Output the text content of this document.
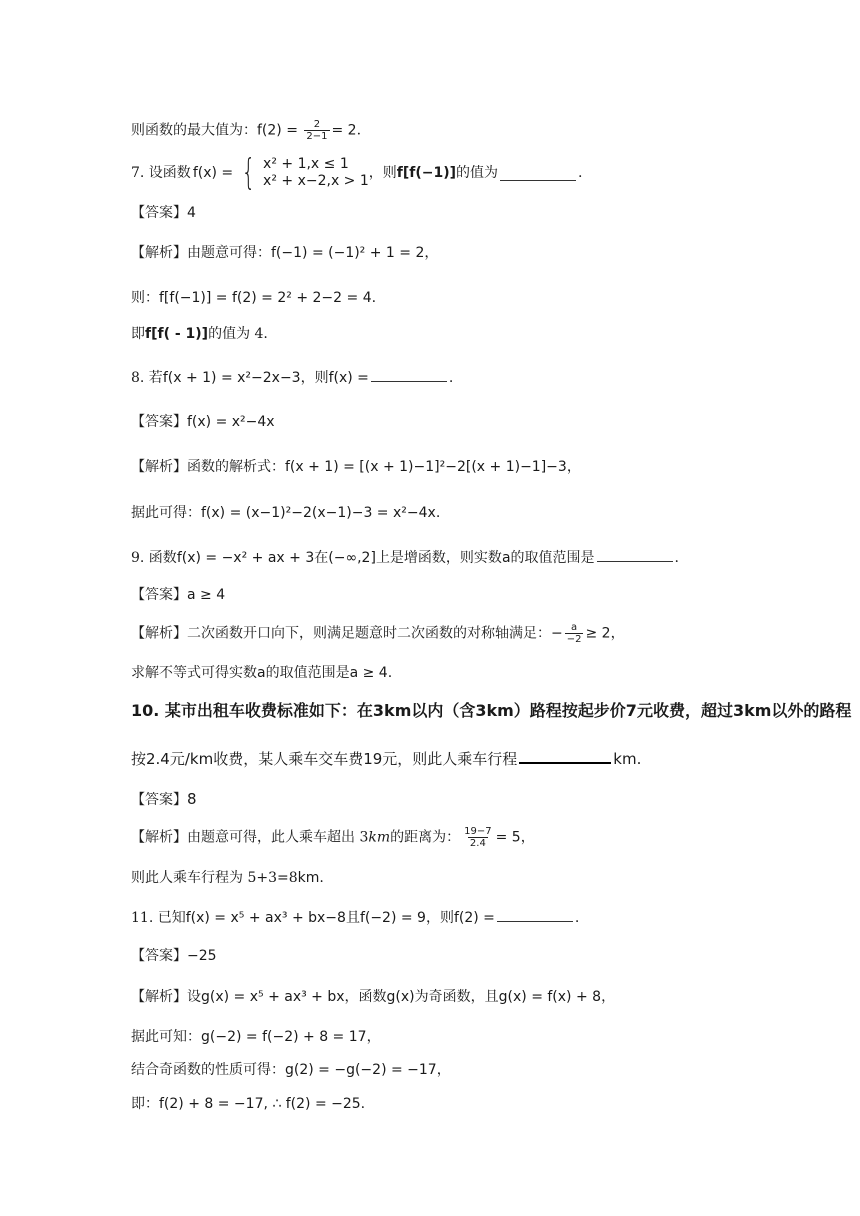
则函数的最大值为：$f(2) = \frac{2}{2-1} = 2$.
7. 设函数 f(x) = { x² + 1,x ≤ 1
x² + x−2,x > 1 ，则 f[f(−1)] 的值为	.
【答案】4
【解析】由题意可得：f(−1) = (−1)² + 1 = 2，
则：f[f(−1)] = f(2) = 2² + 2−2 = 4.
即f[f( - 1)]的值为 4.
8. 若f(x + 1) = x²−2x−3，则f(x) =	.
【答案】f(x) = x²−4x
【解析】函数的解析式：f(x + 1) = [(x + 1)−1]²−2[(x + 1)−1]−3，
据此可得：f(x) = (x−1)²−2(x−1)−3 = x²−4x.
9. 函数f(x) = −x² + ax + 3在(−∞,2]上是增函数，则实数a的取值范围是	.
【答案】a ≥ 4
【解析】二次函数开口向下，则满足题意时二次函数的对称轴满足：− $\frac{a}{-2} \ge 2$，
求解不等式可得实数a的取值范围是a ≥ 4.
10. 某市出租车收费标准如下：在3km以内（含3km）路程按起步价7元收费，超过3km以外的路程
按2.4元/km收费，某人乘车交车费19元，则此人乘车行程	km.
【答案】8
【解析】由题意可得，此人乘车超出 3km的距离为： $\frac{19-7}{2.4} = 5$，
则此人乘车行程为 5+3=8km.
11. 已知f(x) = x⁵ + ax³ + bx−8且f(−2) = 9，则f(2) =	.
【答案】−25
【解析】设g(x) = x⁵ + ax³ + bx，函数g(x)为奇函数，且g(x) = f(x) + 8，
据此可知：g(−2) = f(−2) + 8 = 17，
结合奇函数的性质可得：g(2) = −g(−2) = −17，
即：f(2) + 8 = −17, ∴ f(2) = −25.
